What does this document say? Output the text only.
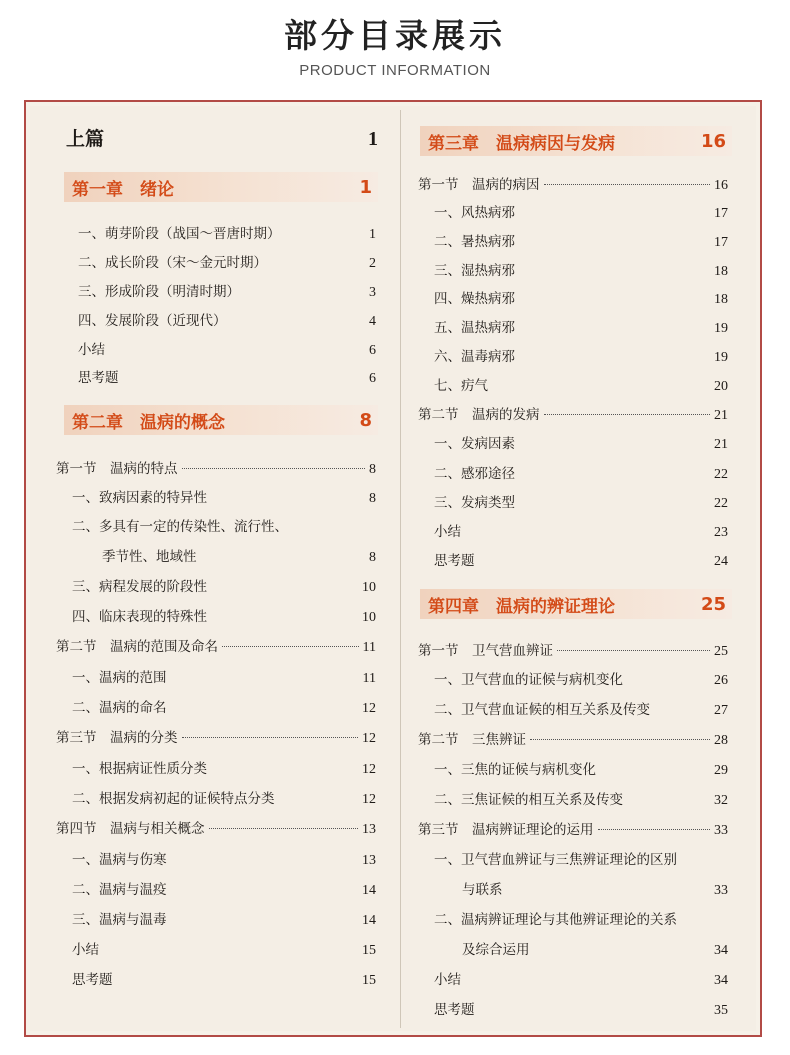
部分目录展示
PRODUCT INFORMATION
上篇	1
第一章　绪论	1
一、萌芽阶段（战国～晋唐时期）	1
二、成长阶段（宋～金元时期）	2
三、形成阶段（明清时期）	3
四、发展阶段（近现代）	4
小结	6
思考题	6
第二章　温病的概念	8
第一节　温病的特点	8
一、致病因素的特异性	8
二、多具有一定的传染性、流行性、
季节性、地域性	8
三、病程发展的阶段性	10
四、临床表现的特殊性	10
第二节　温病的范围及命名	11
一、温病的范围	11
二、温病的命名	12
第三节　温病的分类	12
一、根据病证性质分类	12
二、根据发病初起的证候特点分类	12
第四节　温病与相关概念	13
一、温病与伤寒	13
二、温病与温疫	14
三、温病与温毒	14
小结	15
思考题	15
第三章　温病病因与发病	16
第一节　温病的病因	16
一、风热病邪	17
二、暑热病邪	17
三、湿热病邪	18
四、燥热病邪	18
五、温热病邪	19
六、温毒病邪	19
七、疠气	20
第二节　温病的发病	21
一、发病因素	21
二、感邪途径	22
三、发病类型	22
小结	23
思考题	24
第四章　温病的辨证理论	25
第一节　卫气营血辨证	25
一、卫气营血的证候与病机变化	26
二、卫气营血证候的相互关系及传变	27
第二节　三焦辨证	28
一、三焦的证候与病机变化	29
二、三焦证候的相互关系及传变	32
第三节　温病辨证理论的运用	33
一、卫气营血辨证与三焦辨证理论的区别
与联系	33
二、温病辨证理论与其他辨证理论的关系
及综合运用	34
小结	34
思考题	35
